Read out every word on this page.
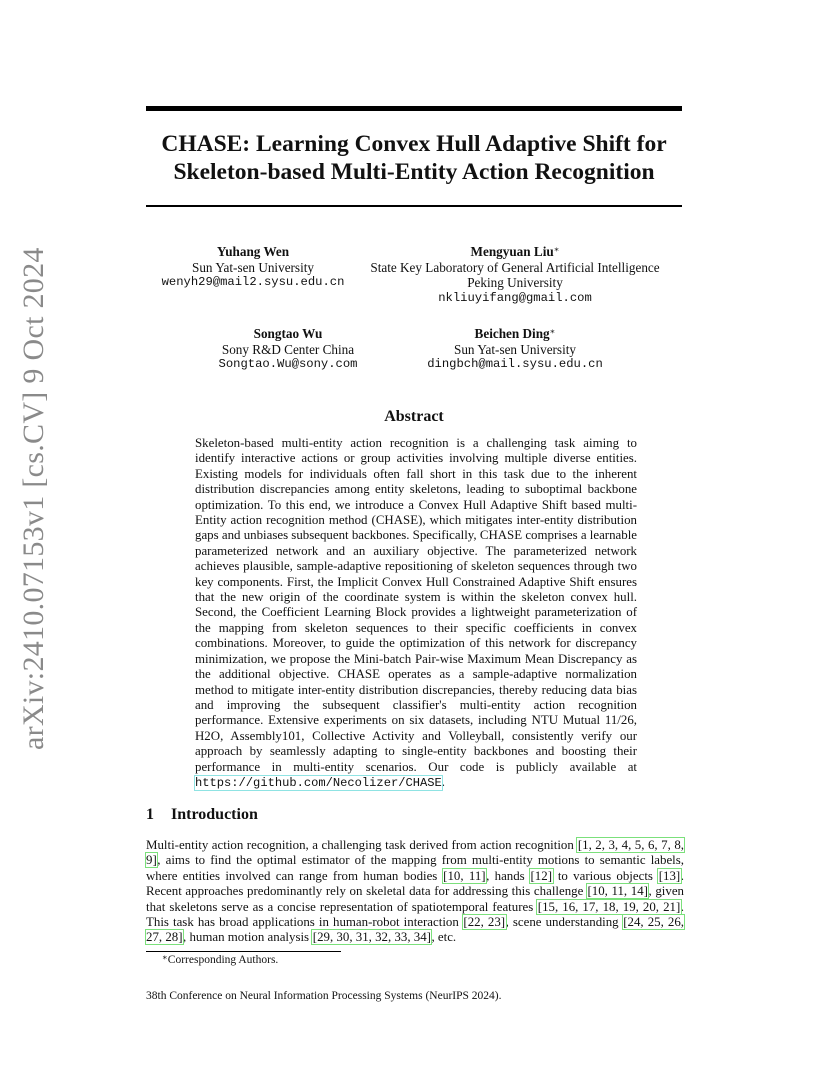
arXiv:2410.07153v1 [cs.CV] 9 Oct 2024
CHASE: Learning Convex Hull Adaptive Shift for
Skeleton-based Multi-Entity Action Recognition
Yuhang Wen
Sun Yat-sen University
wenyh29@mail2.sysu.edu.cn
Mengyuan Liu∗
State Key Laboratory of General Artificial Intelligence
Peking University
nkliuyifang@gmail.com
Songtao Wu
Sony R&D Center China
Songtao.Wu@sony.com
Beichen Ding∗
Sun Yat-sen University
dingbch@mail.sysu.edu.cn
Abstract
Skeleton-based multi-entity action recognition is a challenging task aiming to identify interactive actions or group activities involving multiple diverse entities. Existing models for individuals often fall short in this task due to the inherent distribution discrepancies among entity skeletons, leading to suboptimal backbone optimization. To this end, we introduce a Convex Hull Adaptive Shift based multi-Entity action recognition method (CHASE), which mitigates inter-entity distribution gaps and unbiases subsequent backbones. Specifically, CHASE comprises a learnable parameterized network and an auxiliary objective. The parameterized network achieves plausible, sample-adaptive repositioning of skeleton sequences through two key components. First, the Implicit Convex Hull Constrained Adaptive Shift ensures that the new origin of the coordinate system is within the skeleton convex hull. Second, the Coefficient Learning Block provides a lightweight parameterization of the mapping from skeleton sequences to their specific coefficients in convex combinations. Moreover, to guide the optimization of this network for discrepancy minimization, we propose the Mini-batch Pair-wise Maximum Mean Discrepancy as the additional objective. CHASE operates as a sample-adaptive normalization method to mitigate inter-entity distribution discrepancies, thereby reducing data bias and improving the subsequent classifier's multi-entity action recognition performance. Extensive experiments on six datasets, including NTU Mutual 11/26, H2O, Assembly101, Collective Activity and Volleyball, consistently verify our approach by seamlessly adapting to single-entity backbones and boosting their performance in multi-entity scenarios. Our code is publicly available at https://github.com/Necolizer/CHASE.
1 Introduction
Multi-entity action recognition, a challenging task derived from action recognition [1, 2, 3, 4, 5, 6, 7, 8, 9], aims to find the optimal estimator of the mapping from multi-entity motions to semantic labels, where entities involved can range from human bodies [10, 11], hands [12] to various objects [13]. Recent approaches predominantly rely on skeletal data for addressing this challenge [10, 11, 14], given that skeletons serve as a concise representation of spatiotemporal features [15, 16, 17, 18, 19, 20, 21]. This task has broad applications in human-robot interaction [22, 23], scene understanding [24, 25, 26, 27, 28], human motion analysis [29, 30, 31, 32, 33, 34], etc.
∗Corresponding Authors.
38th Conference on Neural Information Processing Systems (NeurIPS 2024).
